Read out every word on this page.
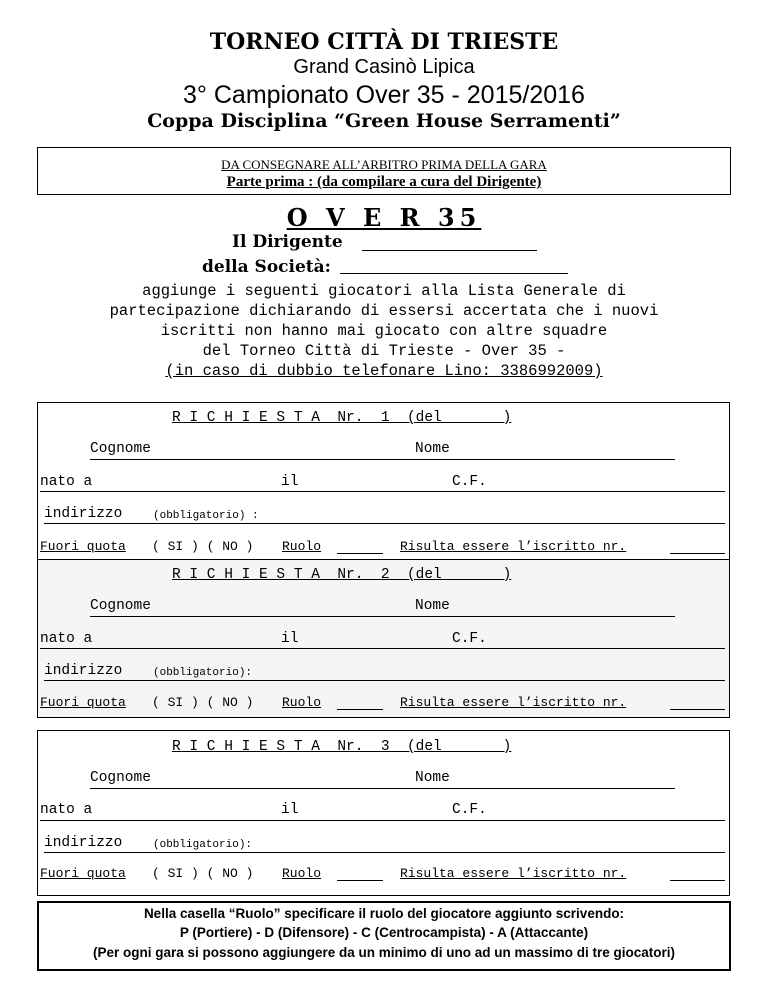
TORNEO CITTÀ DI TRIESTE
Grand Casinò Lipica
3° Campionato Over 35 - 2015/2016
Coppa Disciplina “Green House Serramenti”
DA CONSEGNARE ALL’ARBITRO PRIMA DELLA GARA
Parte prima : (da compilare a cura del Dirigente)
O V E R 35
Il Dirigente
della Società:
aggiunge i seguenti giocatori alla Lista Generale di
partecipazione dichiarando di essersi accertata che i nuovi
iscritti non hanno mai giocato con altre squadre
del Torneo Città di Trieste - Over 35 -
(in caso di dubbio telefonare Lino: 3386992009)
R I C H I E S T A  Nr.  1  (del       )
Cognome	Nome
nato a	il	C.F.
indirizzo	(obbligatorio) :
Fuori quota ( SI ) ( NO ) Ruolo	Risulta essere l’iscritto nr.
R I C H I E S T A  Nr.  2  (del       )
Cognome	Nome
nato a	il	C.F.
indirizzo	(obbligatorio):
Fuori quota ( SI ) ( NO ) Ruolo	Risulta essere l’iscritto nr.
R I C H I E S T A  Nr.  3  (del       )
Cognome	Nome
nato a	il	C.F.
indirizzo	(obbligatorio):
Fuori quota ( SI ) ( NO ) Ruolo	Risulta essere l’iscritto nr.
Nella casella “Ruolo” specificare il ruolo del giocatore aggiunto scrivendo:
P (Portiere) - D (Difensore) - C (Centrocampista) - A (Attaccante)
(Per ogni gara si possono aggiungere da un minimo di uno ad un massimo di tre giocatori)
